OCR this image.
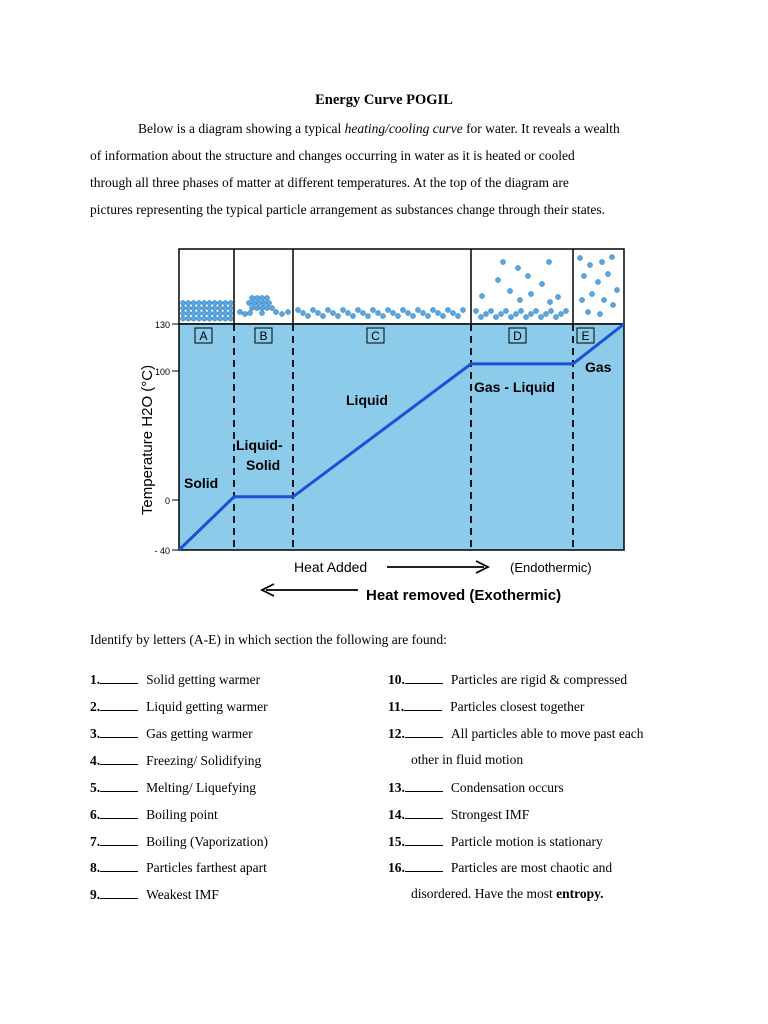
Energy Curve POGIL
Below is a diagram showing a typical heating/cooling curve for water. It reveals a wealth
of information about the structure and changes occurring in water as it is heated or cooled
through all three phases of matter at different temperatures. At the top of the diagram are
pictures representing the typical particle arrangement as substances change through their states.
A	B	C	D	E
130
100
0
- 40
Temperature H2O (°C) Solid
Liquid-
Solid
Liquid
Gas - Liquid
Gas
Heat Added	(Endothermic)
Heat removed (Exothermic)
Identify by letters (A-E) in which section the following are found:
1.	Solid getting warmer
2.	Liquid getting warmer
3.	Gas getting warmer
4.	Freezing/ Solidifying
5.	Melting/ Liquefying
6.	Boiling point
7.	Boiling (Vaporization)
8.	Particles farthest apart
9.	Weakest IMF
10.	Particles are rigid & compressed
11.	Particles closest together
12.	All particles able to move past each
other in fluid motion
13.	Condensation occurs
14.	Strongest IMF
15.	Particle motion is stationary
16.	Particles are most chaotic and
disordered. Have the most entropy.
